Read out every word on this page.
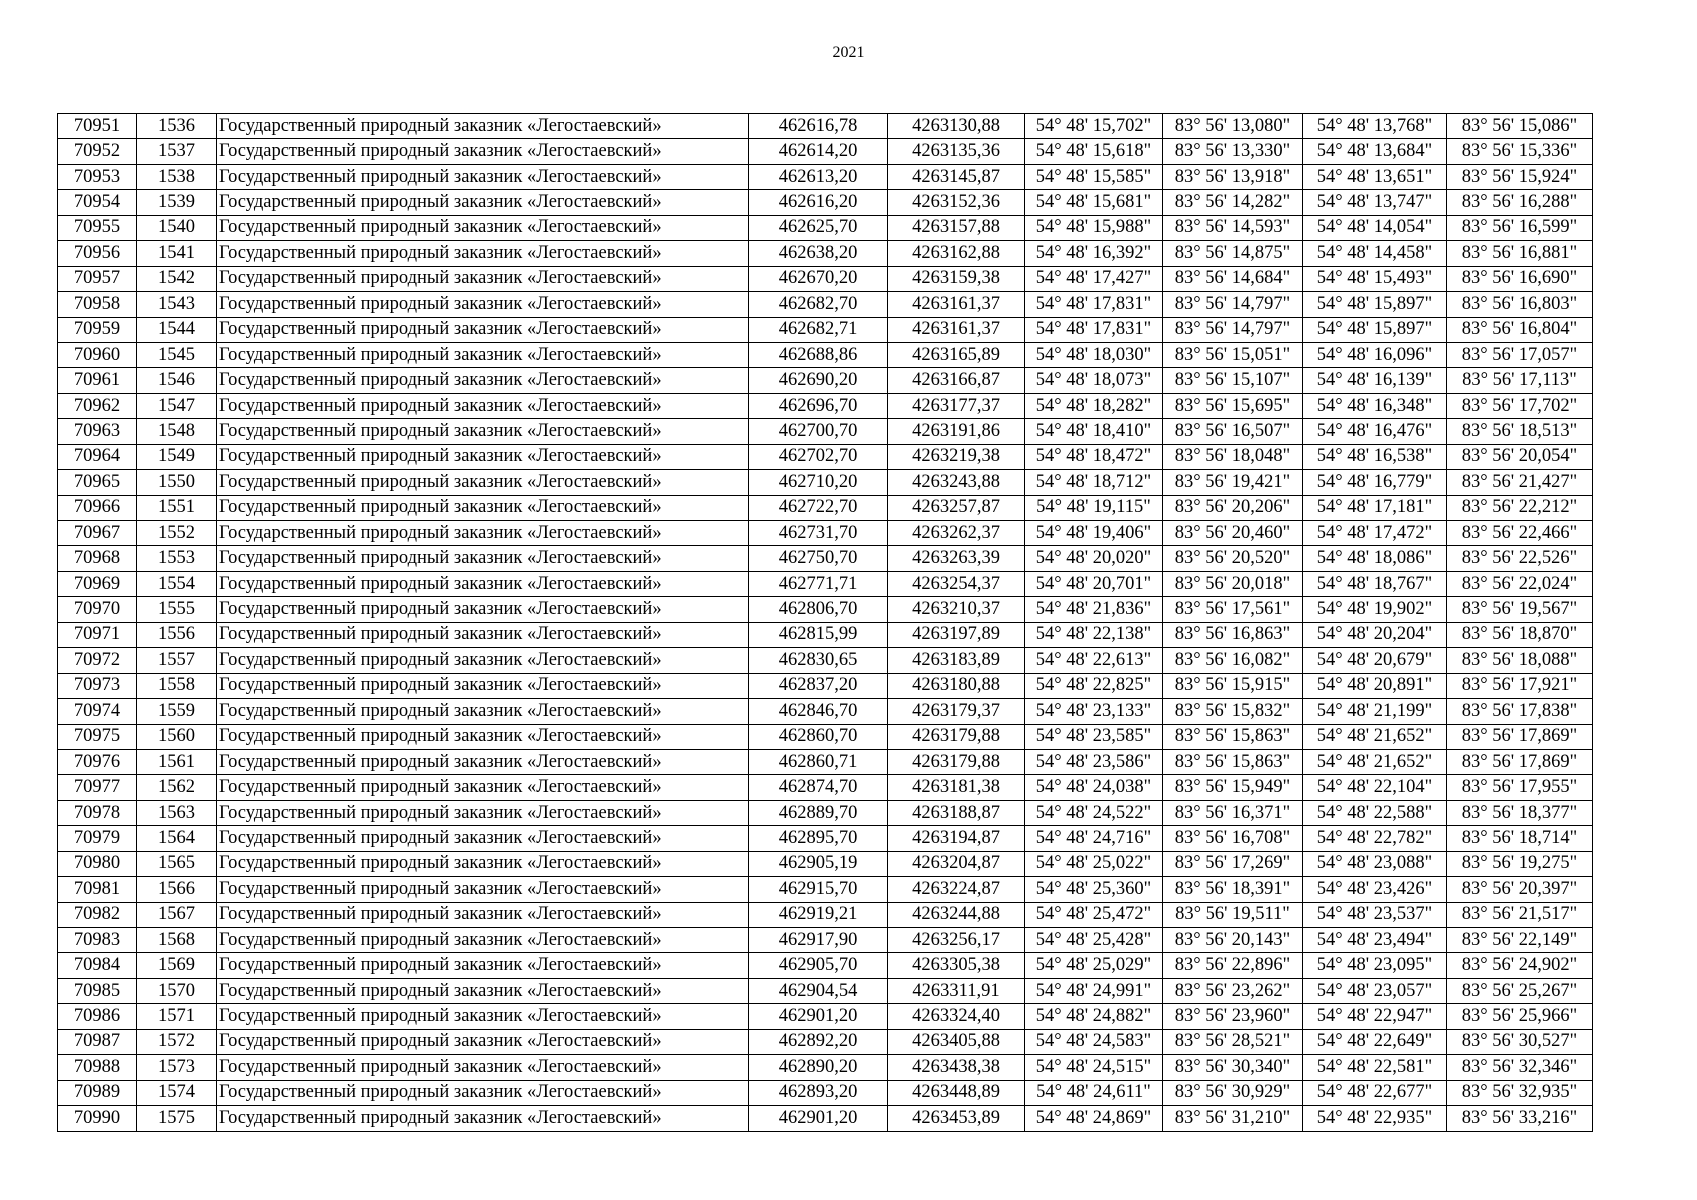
2021
70951	1536	Государственный природный заказник «Легостаевский»	462616,78	4263130,88	54° 48' 15,702"	83° 56' 13,080"	54° 48' 13,768"	83° 56' 15,086"
70952	1537	Государственный природный заказник «Легостаевский»	462614,20	4263135,36	54° 48' 15,618"	83° 56' 13,330"	54° 48' 13,684"	83° 56' 15,336"
70953	1538	Государственный природный заказник «Легостаевский»	462613,20	4263145,87	54° 48' 15,585"	83° 56' 13,918"	54° 48' 13,651"	83° 56' 15,924"
70954	1539	Государственный природный заказник «Легостаевский»	462616,20	4263152,36	54° 48' 15,681"	83° 56' 14,282"	54° 48' 13,747"	83° 56' 16,288"
70955	1540	Государственный природный заказник «Легостаевский»	462625,70	4263157,88	54° 48' 15,988"	83° 56' 14,593"	54° 48' 14,054"	83° 56' 16,599"
70956	1541	Государственный природный заказник «Легостаевский»	462638,20	4263162,88	54° 48' 16,392"	83° 56' 14,875"	54° 48' 14,458"	83° 56' 16,881"
70957	1542	Государственный природный заказник «Легостаевский»	462670,20	4263159,38	54° 48' 17,427"	83° 56' 14,684"	54° 48' 15,493"	83° 56' 16,690"
70958	1543	Государственный природный заказник «Легостаевский»	462682,70	4263161,37	54° 48' 17,831"	83° 56' 14,797"	54° 48' 15,897"	83° 56' 16,803"
70959	1544	Государственный природный заказник «Легостаевский»	462682,71	4263161,37	54° 48' 17,831"	83° 56' 14,797"	54° 48' 15,897"	83° 56' 16,804"
70960	1545	Государственный природный заказник «Легостаевский»	462688,86	4263165,89	54° 48' 18,030"	83° 56' 15,051"	54° 48' 16,096"	83° 56' 17,057"
70961	1546	Государственный природный заказник «Легостаевский»	462690,20	4263166,87	54° 48' 18,073"	83° 56' 15,107"	54° 48' 16,139"	83° 56' 17,113"
70962	1547	Государственный природный заказник «Легостаевский»	462696,70	4263177,37	54° 48' 18,282"	83° 56' 15,695"	54° 48' 16,348"	83° 56' 17,702"
70963	1548	Государственный природный заказник «Легостаевский»	462700,70	4263191,86	54° 48' 18,410"	83° 56' 16,507"	54° 48' 16,476"	83° 56' 18,513"
70964	1549	Государственный природный заказник «Легостаевский»	462702,70	4263219,38	54° 48' 18,472"	83° 56' 18,048"	54° 48' 16,538"	83° 56' 20,054"
70965	1550	Государственный природный заказник «Легостаевский»	462710,20	4263243,88	54° 48' 18,712"	83° 56' 19,421"	54° 48' 16,779"	83° 56' 21,427"
70966	1551	Государственный природный заказник «Легостаевский»	462722,70	4263257,87	54° 48' 19,115"	83° 56' 20,206"	54° 48' 17,181"	83° 56' 22,212"
70967	1552	Государственный природный заказник «Легостаевский»	462731,70	4263262,37	54° 48' 19,406"	83° 56' 20,460"	54° 48' 17,472"	83° 56' 22,466"
70968	1553	Государственный природный заказник «Легостаевский»	462750,70	4263263,39	54° 48' 20,020"	83° 56' 20,520"	54° 48' 18,086"	83° 56' 22,526"
70969	1554	Государственный природный заказник «Легостаевский»	462771,71	4263254,37	54° 48' 20,701"	83° 56' 20,018"	54° 48' 18,767"	83° 56' 22,024"
70970	1555	Государственный природный заказник «Легостаевский»	462806,70	4263210,37	54° 48' 21,836"	83° 56' 17,561"	54° 48' 19,902"	83° 56' 19,567"
70971	1556	Государственный природный заказник «Легостаевский»	462815,99	4263197,89	54° 48' 22,138"	83° 56' 16,863"	54° 48' 20,204"	83° 56' 18,870"
70972	1557	Государственный природный заказник «Легостаевский»	462830,65	4263183,89	54° 48' 22,613"	83° 56' 16,082"	54° 48' 20,679"	83° 56' 18,088"
70973	1558	Государственный природный заказник «Легостаевский»	462837,20	4263180,88	54° 48' 22,825"	83° 56' 15,915"	54° 48' 20,891"	83° 56' 17,921"
70974	1559	Государственный природный заказник «Легостаевский»	462846,70	4263179,37	54° 48' 23,133"	83° 56' 15,832"	54° 48' 21,199"	83° 56' 17,838"
70975	1560	Государственный природный заказник «Легостаевский»	462860,70	4263179,88	54° 48' 23,585"	83° 56' 15,863"	54° 48' 21,652"	83° 56' 17,869"
70976	1561	Государственный природный заказник «Легостаевский»	462860,71	4263179,88	54° 48' 23,586"	83° 56' 15,863"	54° 48' 21,652"	83° 56' 17,869"
70977	1562	Государственный природный заказник «Легостаевский»	462874,70	4263181,38	54° 48' 24,038"	83° 56' 15,949"	54° 48' 22,104"	83° 56' 17,955"
70978	1563	Государственный природный заказник «Легостаевский»	462889,70	4263188,87	54° 48' 24,522"	83° 56' 16,371"	54° 48' 22,588"	83° 56' 18,377"
70979	1564	Государственный природный заказник «Легостаевский»	462895,70	4263194,87	54° 48' 24,716"	83° 56' 16,708"	54° 48' 22,782"	83° 56' 18,714"
70980	1565	Государственный природный заказник «Легостаевский»	462905,19	4263204,87	54° 48' 25,022"	83° 56' 17,269"	54° 48' 23,088"	83° 56' 19,275"
70981	1566	Государственный природный заказник «Легостаевский»	462915,70	4263224,87	54° 48' 25,360"	83° 56' 18,391"	54° 48' 23,426"	83° 56' 20,397"
70982	1567	Государственный природный заказник «Легостаевский»	462919,21	4263244,88	54° 48' 25,472"	83° 56' 19,511"	54° 48' 23,537"	83° 56' 21,517"
70983	1568	Государственный природный заказник «Легостаевский»	462917,90	4263256,17	54° 48' 25,428"	83° 56' 20,143"	54° 48' 23,494"	83° 56' 22,149"
70984	1569	Государственный природный заказник «Легостаевский»	462905,70	4263305,38	54° 48' 25,029"	83° 56' 22,896"	54° 48' 23,095"	83° 56' 24,902"
70985	1570	Государственный природный заказник «Легостаевский»	462904,54	4263311,91	54° 48' 24,991"	83° 56' 23,262"	54° 48' 23,057"	83° 56' 25,267"
70986	1571	Государственный природный заказник «Легостаевский»	462901,20	4263324,40	54° 48' 24,882"	83° 56' 23,960"	54° 48' 22,947"	83° 56' 25,966"
70987	1572	Государственный природный заказник «Легостаевский»	462892,20	4263405,88	54° 48' 24,583"	83° 56' 28,521"	54° 48' 22,649"	83° 56' 30,527"
70988	1573	Государственный природный заказник «Легостаевский»	462890,20	4263438,38	54° 48' 24,515"	83° 56' 30,340"	54° 48' 22,581"	83° 56' 32,346"
70989	1574	Государственный природный заказник «Легостаевский»	462893,20	4263448,89	54° 48' 24,611"	83° 56' 30,929"	54° 48' 22,677"	83° 56' 32,935"
70990	1575	Государственный природный заказник «Легостаевский»	462901,20	4263453,89	54° 48' 24,869"	83° 56' 31,210"	54° 48' 22,935"	83° 56' 33,216"
